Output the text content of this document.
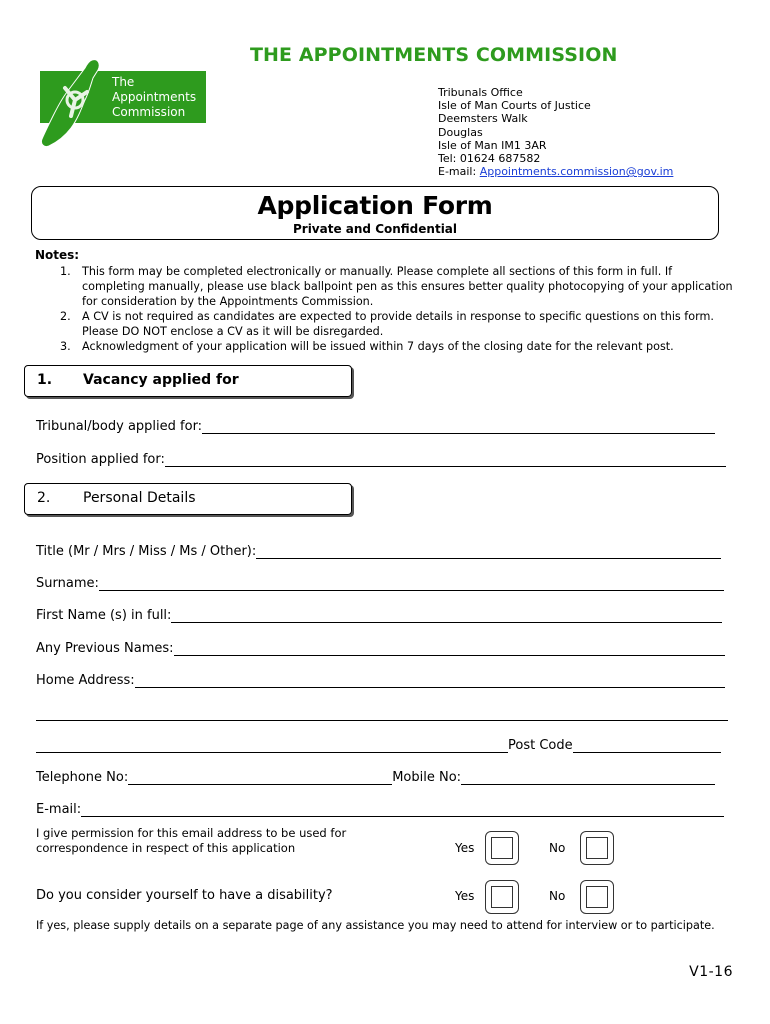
THE APPOINTMENTS COMMISSION
The
Appointments
Commission
Tribunals Office
Isle of Man Courts of Justice
Deemsters Walk
Douglas
Isle of Man IM1 3AR
Tel: 01624 687582
E-mail: Appointments.commission@gov.im
Application Form
Private and Confidential
Notes:
1. This form may be completed electronically or manually. Please complete all sections of this form in full. If completing manually, please use black ballpoint pen as this ensures better quality photocopying of your application for consideration by the Appointments Commission.
2. A CV is not required as candidates are expected to provide details in response to specific questions on this form. Please DO NOT enclose a CV as it will be disregarded.
3. Acknowledgment of your application will be issued within 7 days of the closing date for the relevant post.
1. Vacancy applied for
Tribunal/body applied for:
Position applied for:
2. Personal Details
Title (Mr / Mrs / Miss / Ms / Other):
Surname:
First Name (s) in full:
Any Previous Names:
Home Address:
Post Code
Telephone No:	Mobile No:
E-mail:
I give permission for this email address to be used for correspondence in respect of this application	Yes	No
Do you consider yourself to have a disability?	Yes	No
If yes, please supply details on a separate page of any assistance you may need to attend for interview or to participate.
V1-16
